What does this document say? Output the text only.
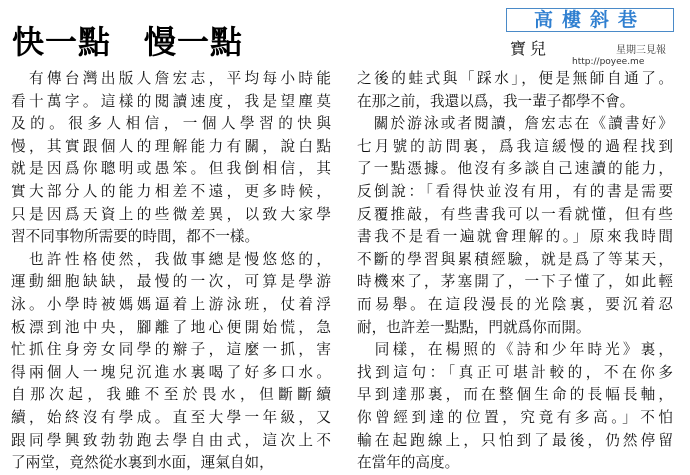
快一點　慢一點
高樓斜巷
寶兒	星期三見報
http://poyee.me
　有傳台灣出版人詹宏志，平均每小時能
看十萬字。這樣的閱讀速度，我是望塵莫
及的。很多人相信，一個人學習的快與
慢，其實跟個人的理解能力有關，說白點
就是因爲你聰明或愚笨。但我倒相信，其
實大部分人的能力相差不遠，更多時候，
只是因爲天資上的些微差異，以致大家學
習不同事物所需要的時間，都不一樣。
　也許性格使然，我做事總是慢悠悠的，
運動細胞缺缺，最慢的一次，可算是學游
泳。小學時被媽媽逼着上游泳班，仗着浮
板漂到池中央，腳離了地心便開始慌，急
忙抓住身旁女同學的辮子，這麼一抓，害
得兩個人一塊兒沉進水裏喝了好多口水。
自那次起，我雖不至於畏水，但斷斷續
續，始終沒有學成。直至大學一年級，又
跟同學興致勃勃跑去學自由式，這次上不
了兩堂，竟然從水裏到水面，運氣自如，
之後的蛙式與「踩水」，便是無師自通了。
在那之前，我還以爲，我一輩子都學不會。
　關於游泳或者閱讀，詹宏志在《讀書好》
七月號的訪問裏，爲我這緩慢的過程找到
了一點憑據。他沒有多談自己速讀的能力，
反倒說：「看得快並沒有用，有的書是需要
反覆推敲，有些書我可以一看就懂，但有些
書我不是看一遍就會理解的。」原來我時間
不斷的學習與累積經驗，就是爲了等某天，
時機來了，茅塞開了，一下子懂了，如此輕
而易舉。在這段漫長的光陰裏，要沉着忍
耐，也許差一點點，門就爲你而開。
　同樣，在楊照的《詩和少年時光》裏，
找到這句：「真正可堪計較的，不在你多
早到達那裏，而在整個生命的長幅長軸，
你曾經到達的位置，究竟有多高。」不怕
輸在起跑線上，只怕到了最後，仍然停留
在當年的高度。
